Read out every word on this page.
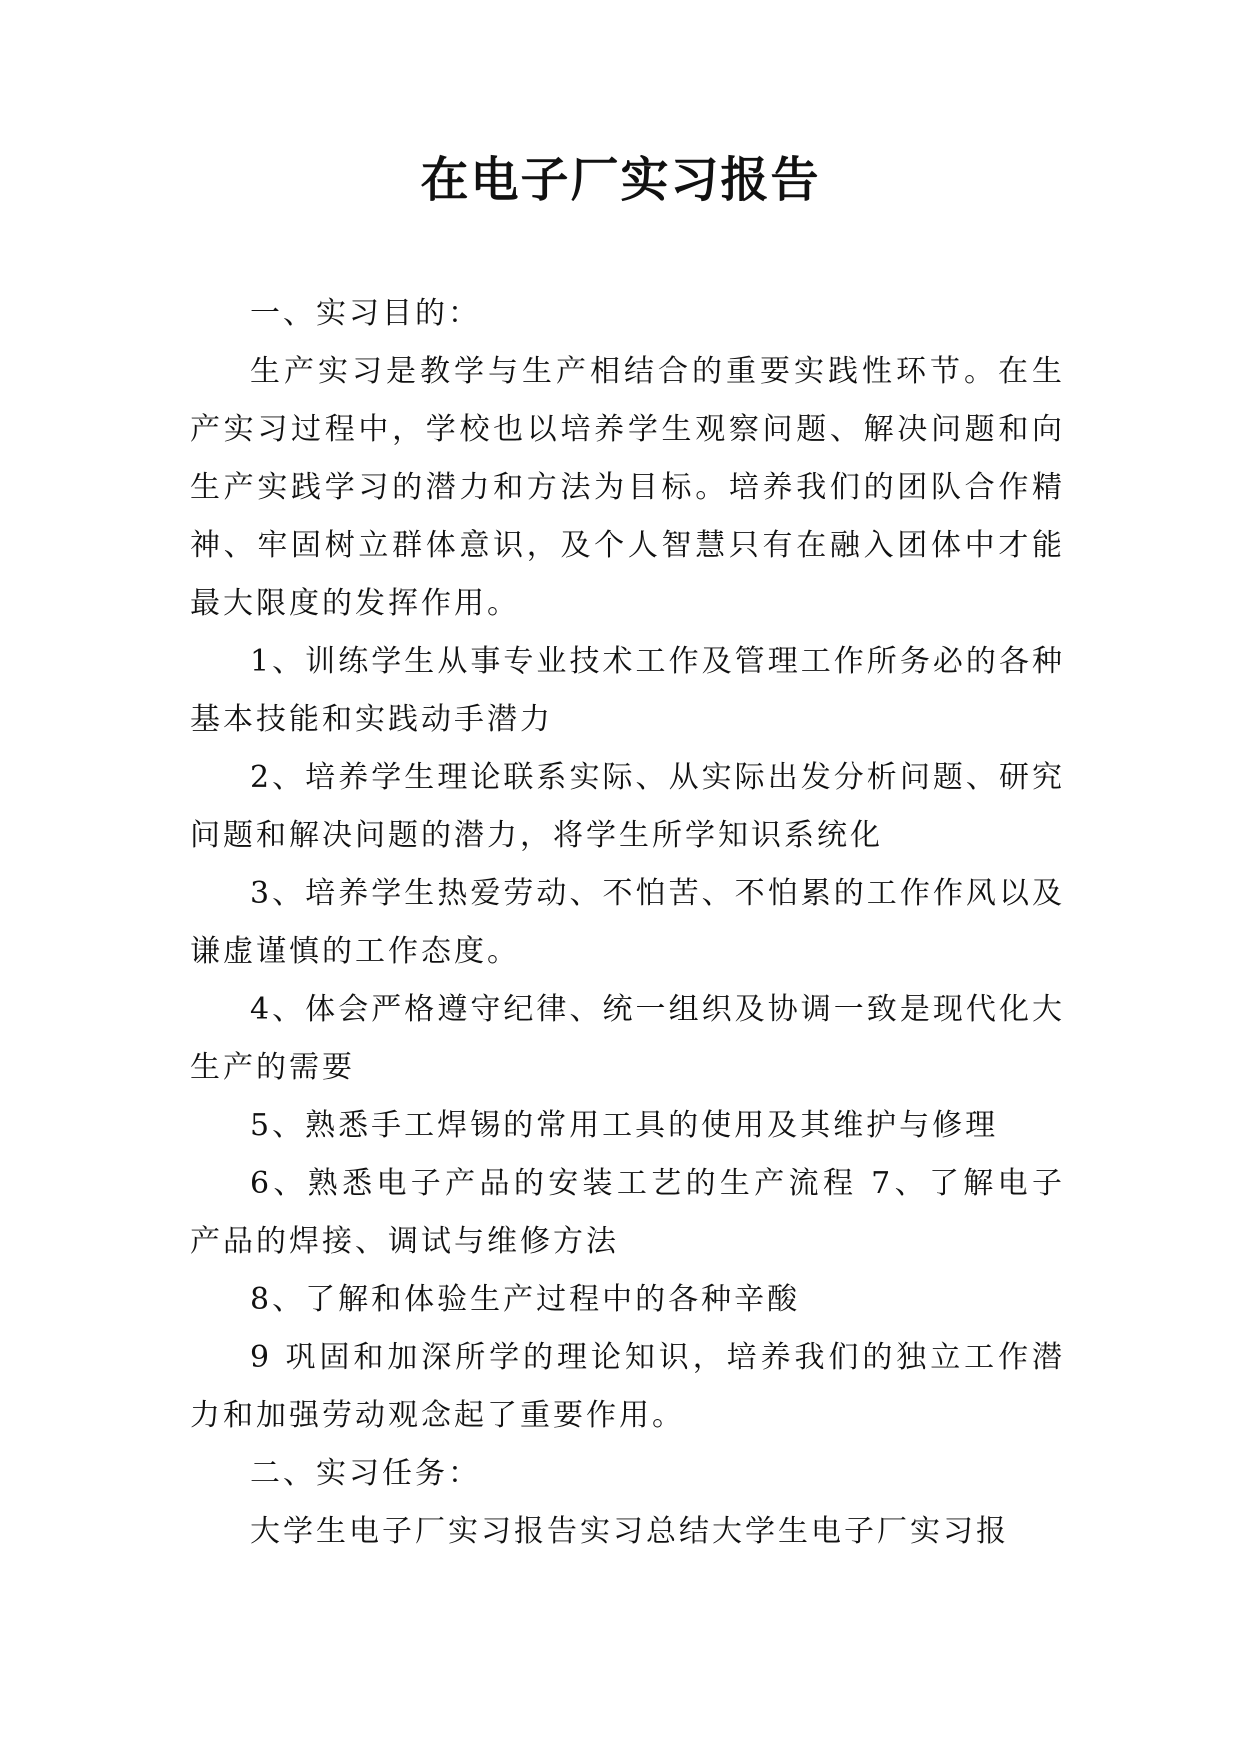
在电子厂实习报告

一、实习目的：

生产实习是教学与生产相结合的重要实践性环节。在生产实习过程中，学校也以培养学生观察问题、解决问题和向生产实践学习的潜力和方法为目标。培养我们的团队合作精神、牢固树立群体意识，及个人智慧只有在融入团体中才能最大限度的发挥作用。

1、训练学生从事专业技术工作及管理工作所务必的各种基本技能和实践动手潜力

2、培养学生理论联系实际、从实际出发分析问题、研究问题和解决问题的潜力，将学生所学知识系统化

3、培养学生热爱劳动、不怕苦、不怕累的工作作风以及谦虚谨慎的工作态度。

4、体会严格遵守纪律、统一组织及协调一致是现代化大生产的需要

5、熟悉手工焊锡的常用工具的使用及其维护与修理

6、熟悉电子产品的安装工艺的生产流程 7、了解电子产品的焊接、调试与维修方法

8、了解和体验生产过程中的各种辛酸

9 巩固和加深所学的理论知识，培养我们的独立工作潜力和加强劳动观念起了重要作用。

二、实习任务：

大学生电子厂实习报告实习总结大学生电子厂实习报
